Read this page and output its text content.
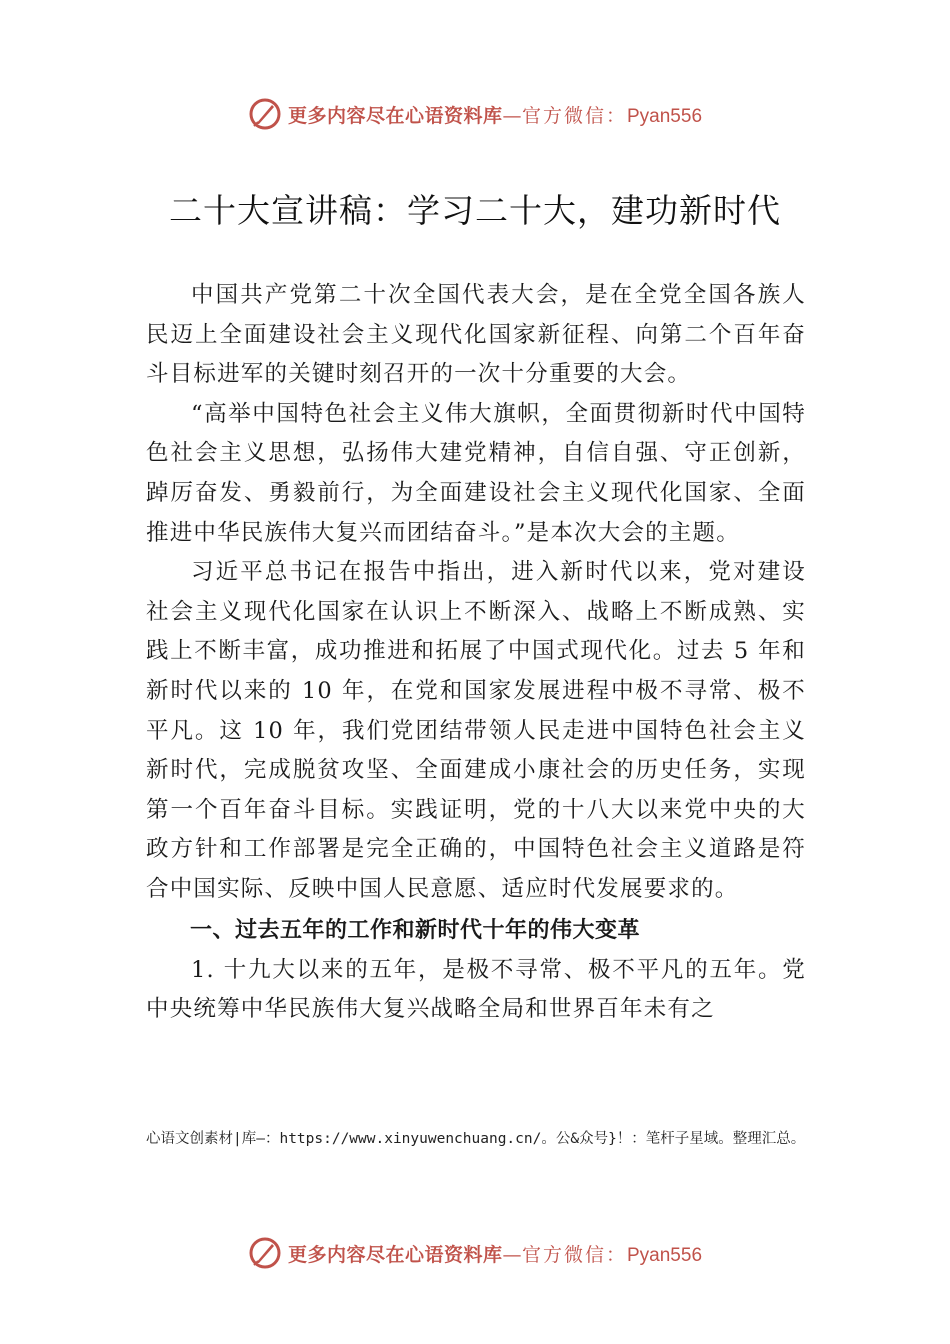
更多内容尽在心语资料库—官方微信：Pyan556
二十大宣讲稿：学习二十大，建功新时代

中国共产党第二十次全国代表大会，是在全党全国各族人民迈上全面建设社会主义现代化国家新征程、向第二个百年奋斗目标进军的关键时刻召开的一次十分重要的大会。

“高举中国特色社会主义伟大旗帜，全面贯彻新时代中国特色社会主义思想，弘扬伟大建党精神，自信自强、守正创新，踔厉奋发、勇毅前行，为全面建设社会主义现代化国家、全面推进中华民族伟大复兴而团结奋斗。”是本次大会的主题。

习近平总书记在报告中指出，进入新时代以来，党对建设社会主义现代化国家在认识上不断深入、战略上不断成熟、实践上不断丰富，成功推进和拓展了中国式现代化。过去 5 年和新时代以来的 10 年，在党和国家发展进程中极不寻常、极不平凡。这 10 年，我们党团结带领人民走进中国特色社会主义新时代，完成脱贫攻坚、全面建成小康社会的历史任务，实现第一个百年奋斗目标。实践证明，党的十八大以来党中央的大政方针和工作部署是完全正确的，中国特色社会主义道路是符合中国实际、反映中国人民意愿、适应时代发展要求的。

一、过去五年的工作和新时代十年的伟大变革

1. 十九大以来的五年，是极不寻常、极不平凡的五年。党中央统筹中华民族伟大复兴战略全局和世界百年未有之

心语文创素材|库—：https://www.xinyuwenchuang.cn/。公&众号}！：笔杆子星域。整理汇总。
更多内容尽在心语资料库—官方微信：Pyan556
